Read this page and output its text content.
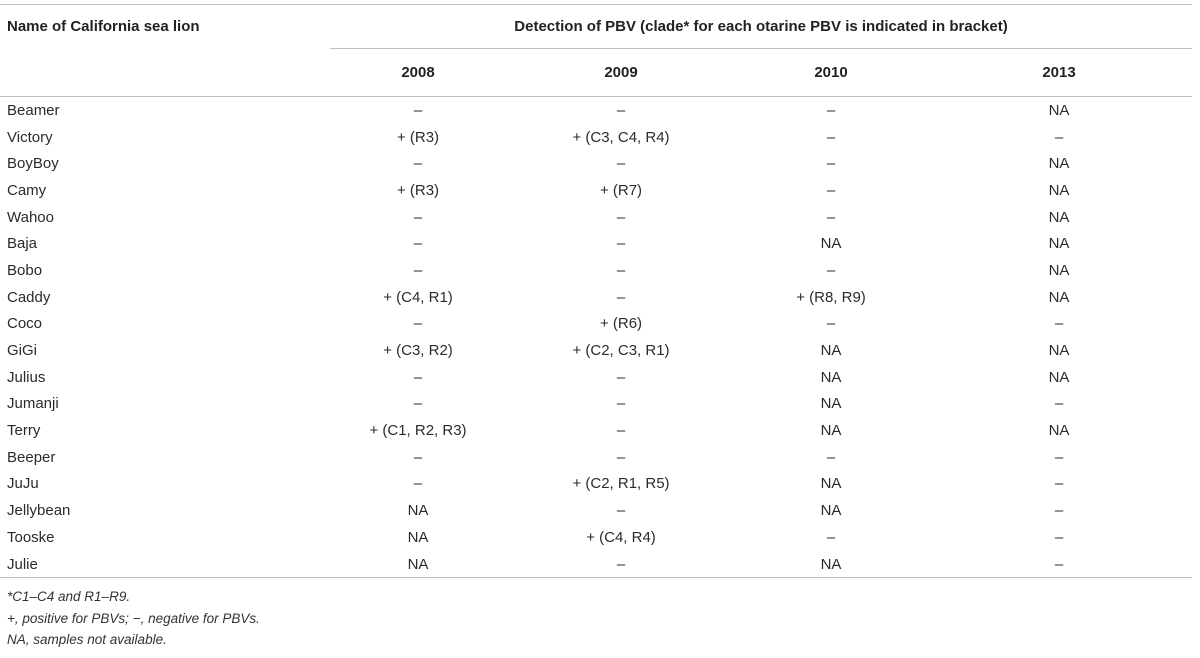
Name of California sea lion	Detection of PBV (clade* for each otarine PBV is indicated in bracket)			
	2008	2009	2010	2013
Beamer	–	–	–	NA
Victory	+ (R3)	+ (C3, C4, R4)	–	–
BoyBoy	–	–	–	NA
Camy	+ (R3)	+ (R7)	–	NA
Wahoo	–	–	–	NA
Baja	–	–	NA	NA
Bobo	–	–	–	NA
Caddy	+ (C4, R1)	–	+ (R8, R9)	NA
Coco	–	+ (R6)	–	–
GiGi	+ (C3, R2)	+ (C2, C3, R1)	NA	NA
Julius	–	–	NA	NA
Jumanji	–	–	NA	–
Terry	+ (C1, R2, R3)	–	NA	NA
Beeper	–	–	–	–
JuJu	–	+ (C2, R1, R5)	NA	–
Jellybean	NA	–	NA	–
Tooske	NA	+ (C4, R4)	–	–
Julie	NA	–	NA	–
*C1–C4 and R1–R9.
+, positive for PBVs; −, negative for PBVs.
NA, samples not available.
